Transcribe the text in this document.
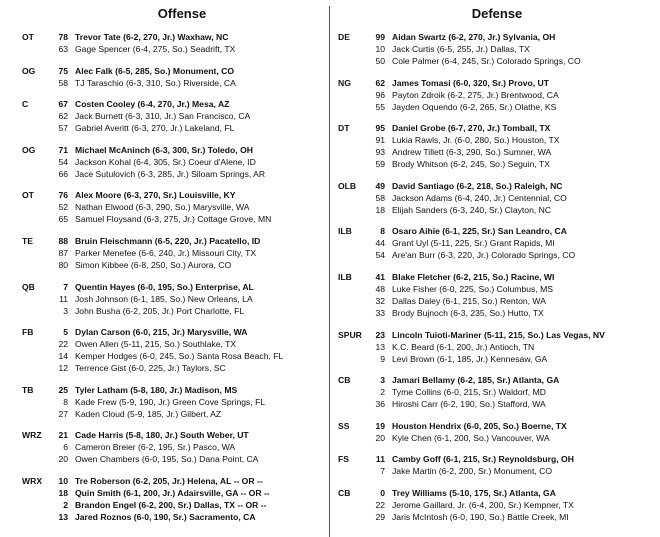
Offense
OT	78 Trevor Tate (6-2, 270, Jr.) Waxhaw, NC
63 Gage Spencer (6-4, 275, So.) Seadrift, TX
OG	75 Alec Falk (6-5, 285, So.) Monument, CO
58 TJ Taraschio (6-3, 310, So.) Riverside, CA
C	67 Costen Cooley (6-4, 270, Jr.) Mesa, AZ
62 Jack Burnett (6-3, 310, Jr.) San Francisco, CA
57 Gabriel Averitt (6-3, 270, Jr.) Lakeland, FL
OG	71 Michael McAninch (6-3, 300, Sr.) Toledo, OH
54 Jackson Kohal (6-4, 305, Sr.) Coeur d'Alene, ID
66 Jace Sutulovich (6-3, 285, Jr.) Siloam Springs, AR
OT	76 Alex Moore (6-3, 270, Sr.) Louisville, KY
52 Nathan Elwood (6-3, 290, So.) Marysville, WA
65 Samuel Floysand (6-3, 275, Jr.) Cottage Grove, MN
TE	88 Bruin Fleischmann (6-5, 220, Jr.) Pacatello, ID
87 Parker Menefee (6-6, 240, Jr.) Missouri City, TX
80 Simon Kibbee (6-8, 250, So.) Aurora, CO
QB	7 Quentin Hayes (6-0, 195, So.) Enterprise, AL
11 Josh Johnson (6-1, 185, So.) New Orleans, LA
3 John Busha (6-2, 205, Jr.) Port Charlotte, FL
FB	5 Dylan Carson (6-0, 215, Jr.) Marysville, WA
22 Owen Allen (5-11, 215, So.) Southlake, TX
14 Kemper Hodges (6-0, 245, So.) Santa Rosa Beach, FL
12 Terrence Gist (6-0, 225, Jr.) Taylors, SC
TB	25 Tyler Latham (5-8, 180, Jr.) Madison, MS
8 Kade Frew (5-9, 190, Jr.) Green Cove Springs, FL
27 Kaden Cloud (5-9, 185, Jr.) Gilbert, AZ
WRZ	21 Cade Harris (5-8, 180, Jr.) South Weber, UT
6 Cameron Breier (6-2, 195, Sr.) Pasco, WA
20 Owen Chambers (6-0, 195, So.) Dana Point, CA
WRX	10 Tre Roberson (6-2, 205, Jr.) Helena, AL -- OR --
18 Quin Smith (6-1, 200, Jr.) Adairsville, GA -- OR --
2 Brandon Engel (6-2, 200, Sr.) Dallas, TX -- OR --
13 Jared Roznos (6-0, 190, Sr.) Sacramento, CA
Defense
DE	99 Aidan Swartz (6-2, 270, Jr.) Sylvania, OH
10 Jack Curtis (6-5, 255, Jr.) Dallas, TX
50 Cole Palmer (6-4, 245, Sr.) Colorado Springs, CO
NG	62 James Tomasi (6-0, 320, Sr.) Provo, UT
96 Payton Zdroik (6-2, 275, Jr.) Brentwood, CA
55 Jayden Oquendo (6-2, 265, Sr.) Olathe, KS
DT	95 Daniel Grobe (6-7, 270, Jr.) Tomball, TX
91 Lukia Rawls, Jr. (6-0, 280, So.) Houston, TX
93 Andrew Tillett (6-3, 290, So.) Sumner, WA
59 Brody Whitson (6-2, 245, So.) Seguin, TX
OLB	49 David Santiago (6-2, 218, So.) Raleigh, NC
58 Jackson Adams (6-4, 240, Jr.) Centennial, CO
18 Elijah Sanders (6-3, 240, Sr.) Clayton, NC
ILB	8 Osaro Aihie (6-1, 225, Sr.) San Leandro, CA
44 Grant Uyl (5-11, 225, Sr.) Grant Rapids, MI
54 Are'an Burr (6-3, 220, Jr.) Colorado Springs, CO
ILB	41 Blake Fletcher (6-2, 215, So.) Racine, WI
48 Luke Fisher (6-0, 225, So.) Columbus, MS
32 Dallas Daley (6-1, 215, So.) Renton, WA
33 Brody Bujnoch (6-3, 235, So.) Hutto, TX
SPUR	23 Lincoln Tuioti-Mariner (5-11, 215, So.) Las Vegas, NV
13 K.C. Beard (6-1, 200, Jr.) Antioch, TN
9 Levi Brown (6-1, 185, Jr.) Kennesaw, GA
CB	3 Jamari Bellamy (6-2, 185, Sr.) Atlanta, GA
2 Tyme Collins (6-0, 215, Sr.) Waldorf, MD
36 Hiroshi Carr (6-2, 190, So.) Stafford, WA
SS	19 Houston Hendrix (6-0, 205, So.) Boerne, TX
20 Kyle Chen (6-1, 200, So.) Vancouver, WA
FS	11 Camby Goff (6-1, 215, Sr.) Reynoldsburg, OH
7 Jake Martin (6-2, 200, Sr.) Monument, CO
CB	0 Trey Williams (5-10, 175, Sr.) Atlanta, GA
22 Jerome Gaillard, Jr. (6-4, 200, Sr.) Kempner, TX
29 Jaris McIntosh (6-0, 190, So.) Battle Creek, MI
